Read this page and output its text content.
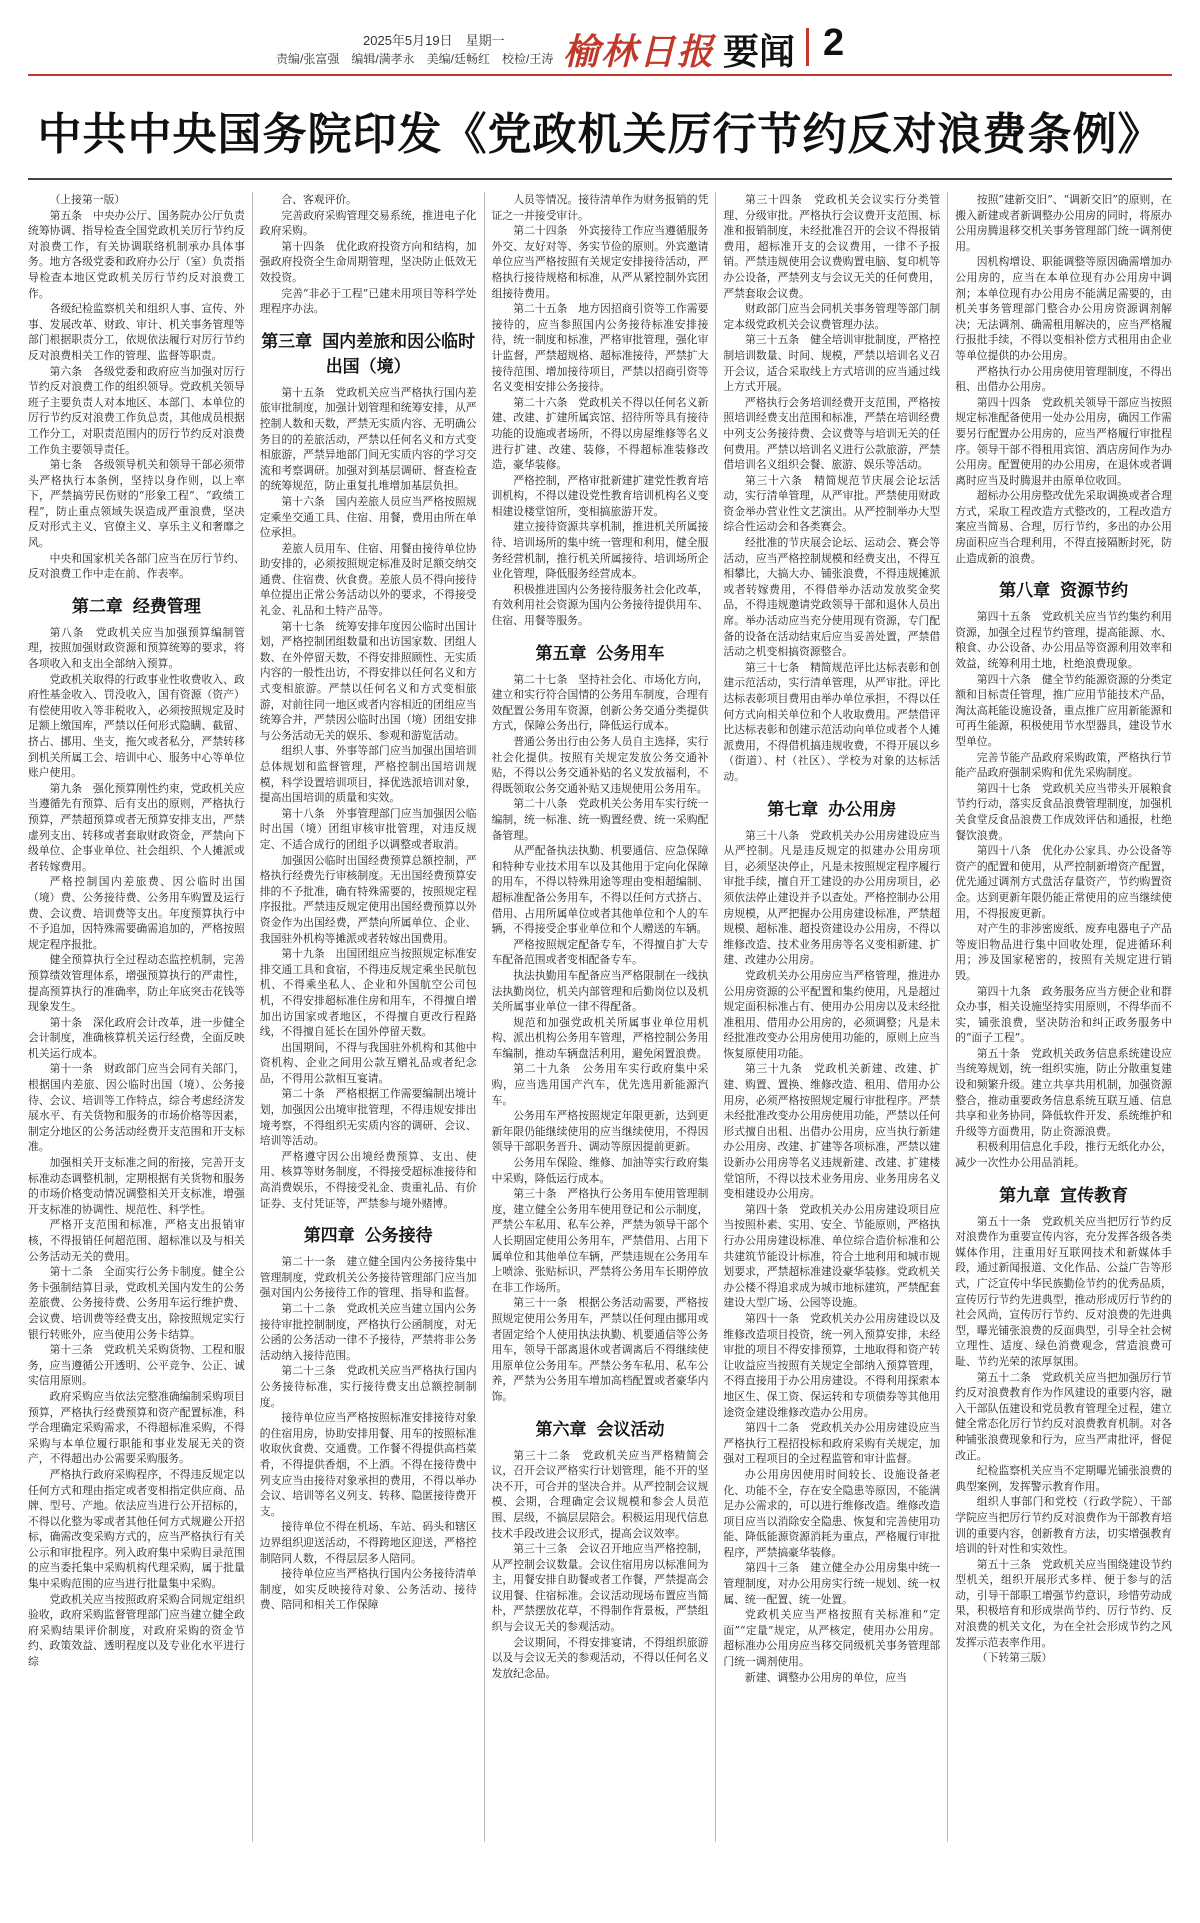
2025年5月19日　星期一
责编/张富强　编辑/满孝永　美编/廷畅红　校检/王涛 榆林日报 要闻 2
中共中央国务院印发《党政机关厉行节约反对浪费条例》

（上接第一版）

第五条　中央办公厅、国务院办公厅负责统筹协调、指导检查全国党政机关厉行节约反对浪费工作，有关协调联络机制承办具体事务。地方各级党委和政府办公厅（室）负责指导检查本地区党政机关厉行节约反对浪费工作。

各级纪检监察机关和组织人事、宣传、外事、发展改革、财政、审计、机关事务管理等部门根据职责分工，依规依法履行对厉行节约反对浪费相关工作的管理、监督等职责。

第六条　各级党委和政府应当加强对厉行节约反对浪费工作的组织领导。党政机关领导班子主要负责人对本地区、本部门、本单位的厉行节约反对浪费工作负总责，其他成员根据工作分工，对职责范围内的厉行节约反对浪费工作负主要领导责任。

第七条　各级领导机关和领导干部必须带头严格执行本条例，坚持以身作则，以上率下，严禁搞劳民伤财的“形象工程”、“政绩工程”，防止重点领域失误造成严重浪费，坚决反对形式主义、官僚主义、享乐主义和奢靡之风。

中央和国家机关各部门应当在厉行节约、反对浪费工作中走在前、作表率。

第二章 经费管理

第八条　党政机关应当加强预算编制管理，按照加强财政资源和预算统筹的要求，将各项收入和支出全部纳入预算。

党政机关取得的行政事业性收费收入、政府性基金收入、罚没收入，国有资源（资产）有偿使用收入等非税收入，必须按照规定及时足额上缴国库，严禁以任何形式隐瞒、截留、挤占、挪用、坐支，拖欠或者私分，严禁转移到机关所属工会、培训中心、服务中心等单位账户使用。

第九条　强化预算刚性约束，党政机关应当遵循先有预算、后有支出的原则，严格执行预算，严禁超预算或者无预算安排支出，严禁虚列支出、转移或者套取财政资金，严禁向下级单位、企事业单位、社会组织、个人摊派或者转嫁费用。

严格控制国内差旅费、因公临时出国（境）费、公务接待费、公务用车购置及运行费、会议费、培训费等支出。年度预算执行中不予追加，因特殊需要确需追加的，严格按照规定程序报批。

健全预算执行全过程动态监控机制，完善预算绩效管理体系，增强预算执行的严肃性，提高预算执行的准确率，防止年底突击花钱等现象发生。

第十条　深化政府会计改革，进一步健全会计制度，准确核算机关运行经费，全面反映机关运行成本。

第十一条　财政部门应当会同有关部门，根据国内差旅、因公临时出国（境）、公务接待、会议、培训等工作特点，综合考虑经济发展水平、有关货物和服务的市场价格等因素，制定分地区的公务活动经费开支范围和开支标准。

加强相关开支标准之间的衔接，完善开支标准动态调整机制，定期根据有关货物和服务的市场价格变动情况调整相关开支标准，增强开支标准的协调性、规范性、科学性。

严格开支范围和标准，严格支出报销审核，不得报销任何超范围、超标准以及与相关公务活动无关的费用。

第十二条　全面实行公务卡制度。健全公务卡强制结算目录，党政机关国内发生的公务差旅费、公务接待费、公务用车运行维护费、会议费、培训费等经费支出，除按照规定实行银行转账外，应当使用公务卡结算。

第十三条　党政机关采购货物、工程和服务，应当遵循公开透明、公平竞争、公正、诚实信用原则。

政府采购应当依法完整准确编制采购项目预算，严格执行经费预算和资产配置标准，科学合理确定采购需求，不得超标准采购，不得采购与本单位履行职能和事业发展无关的资产，不得超出办公需要采购服务。

严格执行政府采购程序，不得违反规定以任何方式和理由指定或者变相指定供应商、品牌、型号、产地。依法应当进行公开招标的，不得以化整为零或者其他任何方式规避公开招标，确需改变采购方式的，应当严格执行有关公示和审批程序。列入政府集中采购目录范围的应当委托集中采购机构代理采购，属于批量集中采购范围的应当进行批量集中采购。

党政机关应当按照政府采购合同规定组织验收，政府采购监督管理部门应当建立健全政府采购结果评价制度，对政府采购的资金节约、政策效益、透明程度以及专业化水平进行综

合、客观评价。

完善政府采购管理交易系统，推进电子化政府采购。

第十四条　优化政府投资方向和结构，加强政府投资全生命周期管理，坚决防止低效无效投资。

完善“非必于工程”已建未用项目等科学处理程序办法。

第三章 国内差旅和因公临时出国（境）

第十五条　党政机关应当严格执行国内差旅审批制度，加强计划管理和统筹安排，从严控制人数和天数，严禁无实质内容、无明确公务目的的差旅活动，严禁以任何名义和方式变相旅游，严禁异地部门间无实质内容的学习交流和考察调研。加强对到基层调研、督查检查的统筹规范，防止重复扎堆增加基层负担。

第十六条　国内差旅人员应当严格按照规定乘坐交通工具、住宿、用餐，费用由所在单位承担。

差旅人员用车、住宿、用餐由接待单位协助安排的，必须按照规定标准及时足额交纳交通费、住宿费、伙食费。差旅人员不得向接待单位提出正常公务活动以外的要求，不得接受礼金、礼品和土特产品等。

第十七条　统筹安排年度因公临时出国计划，严格控制团组数量和出访国家数、团组人数、在外停留天数，不得安排照顾性、无实质内容的一般性出访，不得安排以任何名义和方式变相旅游。严禁以任何名义和方式变相旅游，对前往同一地区或者内容相近的团组应当统筹合并，严禁因公临时出国（境）团组安排与公务活动无关的娱乐、参观和游览活动。

组织人事、外事等部门应当加强出国培训总体规划和监督管理，严格控制出国培训规模，科学设置培训项目，择优选派培训对象，提高出国培训的质量和实效。

第十八条　外事管理部门应当加强因公临时出国（境）团组审核审批管理，对违反规定、不适合成行的团组予以调整或者取消。

加强因公临时出国经费预算总额控制，严格执行经费先行审核制度。无出国经费预算安排的不予批准，确有特殊需要的，按照规定程序报批。严禁违反规定使用出国经费预算以外资金作为出国经费，严禁向所属单位、企业、我国驻外机构等摊派或者转嫁出国费用。

第十九条　出国团组应当按照规定标准安排交通工具和食宿，不得违反规定乘坐民航包机、不得乘坐私人、企业和外国航空公司包机，不得安排超标准住房和用车，不得擅自增加出访国家或者地区，不得擅自更改行程路线，不得擅自延长在国外停留天数。

出国期间，不得与我国驻外机构和其他中资机构、企业之间用公款互赠礼品或者纪念品，不得用公款相互宴请。

第二十条　严格根据工作需要编制出境计划，加强因公出境审批管理，不得违规安排出境考察，不得组织无实质内容的调研、会议、培训等活动。

严格遵守因公出境经费预算、支出、使用、核算等财务制度，不得接受超标准接待和高消费娱乐，不得接受礼金、贵重礼品、有价证券、支付凭证等，严禁参与境外赌博。

第四章 公务接待

第二十一条　建立健全国内公务接待集中管理制度，党政机关公务接待管理部门应当加强对国内公务接待工作的管理、指导和监督。

第二十二条　党政机关应当建立国内公务接待审批控制制度，严格执行公函制度，对无公函的公务活动一律不予接待，严禁将非公务活动纳入接待范围。

第二十三条　党政机关应当严格执行国内公务接待标准，实行接待费支出总额控制制度。

接待单位应当严格按照标准安排接待对象的住宿用房，协助安排用餐、用车的按照标准收取伙食费、交通费。工作餐不得提供高档菜肴，不得提供香烟，不上酒。不得在接待费中列支应当由接待对象承担的费用，不得以举办会议、培训等名义列支、转移、隐匿接待费开支。

接待单位不得在机场、车站、码头和辖区边界组织迎送活动，不得跨地区迎送，严格控制陪同人数，不得层层多人陪同。

接待单位应当严格执行国内公务接待清单制度，如实反映接待对象、公务活动、接待费、陪同和相关工作保障

人员等情况。接待清单作为财务报销的凭证之一并接受审计。

第二十四条　外宾接待工作应当遵循服务外交、友好对等、务实节俭的原则。外宾邀请单位应当严格按照有关规定安排接待活动，严格执行接待规格和标准，从严从紧控制外宾团组接待费用。

第二十五条　地方因招商引资等工作需要接待的，应当参照国内公务接待标准安排接待，统一制度和标准，严格审批管理，强化审计监督，严禁超规格、超标准接待，严禁扩大接待范围、增加接待项目，严禁以招商引资等名义变相安排公务接待。

第二十六条　党政机关不得以任何名义新建、改建、扩建所属宾馆、招待所等具有接待功能的设施或者场所，不得以房屋维修等名义进行扩建、改建、装修，不得超标准装修改造，豪华装修。

严格控制，严格审批新建扩建党性教育培训机构，不得以建设党性教育培训机构名义变相建设楼堂馆所，变相搞旅游开发。

建立接待资源共享机制，推进机关所属接待、培训场所的集中统一管理和利用，健全服务经营机制，推行机关所属接待、培训场所企业化管理，降低服务经营成本。

积极推进国内公务接待服务社会化改革，有效利用社会资源为国内公务接待提供用车、住宿、用餐等服务。

第五章 公务用车

第二十七条　坚持社会化、市场化方向，建立和实行符合国情的公务用车制度，合理有效配置公务用车资源，创新公务交通分类提供方式，保障公务出行，降低运行成本。

普通公务出行由公务人员自主选择，实行社会化提供。按照有关规定发放公务交通补贴，不得以公务交通补贴的名义发放福利，不得既领取公务交通补贴又违规使用公务用车。

第二十八条　党政机关公务用车实行统一编制，统一标准、统一购置经费、统一采购配备管理。

从严配备执法执勤、机要通信、应急保障和特种专业技术用车以及其他用于定向化保障的用车，不得以特殊用途等理由变相超编制、超标准配备公务用车，不得以任何方式挤占、借用、占用所属单位或者其他单位和个人的车辆，不得接受企事业单位和个人赠送的车辆。

严格按照规定配备专车，不得擅自扩大专车配备范围或者变相配备专车。

执法执勤用车配备应当严格限制在一线执法执勤岗位，机关内部管理和后勤岗位以及机关所属事业单位一律不得配备。

规范和加强党政机关所属事业单位用机构、派出机构公务用车管理，严格控制公务用车编制，推动车辆盘活利用，避免闲置浪费。

第二十九条　公务用车实行政府集中采购，应当选用国产汽车，优先选用新能源汽车。

公务用车严格按照规定年限更新，达到更新年限仍能继续使用的应当继续使用，不得因领导干部职务晋升、调动等原因提前更新。

公务用车保险、维修、加油等实行政府集中采购，降低运行成本。

第三十条　严格执行公务用车使用管理制度，建立健全公务用车使用登记和公示制度，严禁公车私用、私车公养，严禁为领导干部个人长期固定使用公务用车，严禁借用、占用下属单位和其他单位车辆，严禁违规在公务用车上喷涂、张贴标识，严禁将公务用车长期停放在非工作场所。

第三十一条　根据公务活动需要，严格按照规定使用公务用车，严禁以任何理由挪用或者固定给个人使用执法执勤、机要通信等公务用车，领导干部离退休或者调离后不得继续使用原单位公务用车。严禁公务车私用、私车公养，严禁为公务用车增加高档配置或者豪华内饰。

第六章 会议活动

第三十二条　党政机关应当严格精简会议，召开会议严格实行计划管理，能不开的坚决不开，可合并的坚决合并。从严控制会议规模、会期，合理确定会议规模和参会人员范围、层级，不搞层层陪会。积极运用现代信息技术手段改进会议形式，提高会议效率。

第三十三条　会议召开地应当严格控制，从严控制会议数量。会议住宿用房以标准间为主，用餐安排自助餐或者工作餐，严禁提高会议用餐、住宿标准。会议活动现场布置应当简朴，严禁摆放花草，不得制作背景板，严禁组织与会议无关的参观活动。

会议期间，不得安排宴请，不得组织旅游以及与会议无关的参观活动，不得以任何名义发放纪念品。

第三十四条　党政机关会议实行分类管理、分级审批。严格执行会议费开支范围、标准和报销制度，未经批准召开的会议不得报销费用，超标准开支的会议费用，一律不予报销。严禁违规使用会议费购置电脑、复印机等办公设备，严禁列支与会议无关的任何费用，严禁套取会议费。

财政部门应当会同机关事务管理等部门制定本级党政机关会议费管理办法。

第三十五条　健全培训审批制度，严格控制培训数量、时间、规模，严禁以培训名义召开会议，适合采取线上方式培训的应当通过线上方式开展。

严格执行会务培训经费开支范围，严格按照培训经费支出范围和标准，严禁在培训经费中列支公务接待费、会议费等与培训无关的任何费用。严禁以培训名义进行公款旅游，严禁借培训名义组织会餐、旅游、娱乐等活动。

第三十六条　精简规范节庆展会论坛活动，实行清单管理，从严审批。严禁使用财政资金举办营业性文艺演出。从严控制举办大型综合性运动会和各类赛会。

经批准的节庆展会论坛、运动会、赛会等活动，应当严格控制规模和经费支出，不得互相攀比，大搞大办、铺张浪费，不得违规摊派或者转嫁费用，不得借举办活动发放奖金奖品，不得违规邀请党政领导干部和退休人员出席。举办活动应当充分使用现有资源，专门配备的设备在活动结束后应当妥善处置，严禁借活动之机变相搞资源整合。

第三十七条　精简规范评比达标表彰和创建示范活动，实行清单管理，从严审批。评比达标表彰项目费用由举办单位承担，不得以任何方式向相关单位和个人收取费用。严禁借评比达标表彰和创建示范活动向单位或者个人摊派费用，不得借机搞违规收费，不得开展以乡（街道）、村（社区）、学校为对象的达标活动。

第七章 办公用房

第三十八条　党政机关办公用房建设应当从严控制。凡是违反规定的拟建办公用房项目，必须坚决停止，凡是未按照规定程序履行审批手续，擅自开工建设的办公用房项目，必须依法停止建设并予以查处。严格控制办公用房规模，从严把握办公用房建设标准，严禁超规模、超标准、超投资建设办公用房，不得以维修改造、技术业务用房等名义变相新建、扩建、改建办公用房。

党政机关办公用房应当严格管理，推进办公用房资源的公平配置和集约使用，凡是超过规定面积标准占有、使用办公用房以及未经批准租用、借用办公用房的，必须调整；凡是未经批准改变办公用房使用功能的，原则上应当恢复原使用功能。

第三十九条　党政机关新建、改建、扩建、购置、置换、维修改造、租用、借用办公用房，必须严格按照规定履行审批程序。严禁未经批准改变办公用房使用功能，严禁以任何形式擅自出租、出借办公用房，应当执行新建办公用房、改建、扩建等各项标准，严禁以建设新办公用房等名义违规新建、改建、扩建楼堂馆所，不得以技术业务用房、业务用房名义变相建设办公用房。

第四十条　党政机关办公用房建设项目应当按照朴素、实用、安全、节能原则，严格执行办公用房建设标准、单位综合造价标准和公共建筑节能设计标准，符合土地利用和城市规划要求，严禁超标准建设豪华装修。党政机关办公楼不得追求成为城市地标建筑，严禁配套建设大型广场、公园等设施。

第四十一条　党政机关办公用房建设以及维修改造项目投资，统一列入预算安排，未经审批的项目不得安排预算，土地取得和资产转让收益应当按照有关规定全部纳入预算管理，不得直接用于办公用房建设。不得利用探索本地区生、保工资、保运转和专项债券等其他用途资金建设维修改造办公用房。

第四十二条　党政机关办公用房建设应当严格执行工程招投标和政府采购有关规定，加强对工程项目的全过程监管和审计监督。

办公用房因使用时间较长、设施设备老化、功能不全，存在安全隐患等原因，不能满足办公需求的，可以进行维修改造。维修改造项目应当以消除安全隐患、恢复和完善使用功能、降低能源资源消耗为重点，严格履行审批程序，严禁搞豪华装修。

第四十三条　建立健全办公用房集中统一管理制度，对办公用房实行统一规划、统一权属、统一配置、统一处置。

党政机关应当严格按照有关标准和“定面”“定量”规定，从严核定，使用办公用房。超标准办公用房应当移交同级机关事务管理部门统一调剂使用。

新建、调整办公用房的单位，应当

按照“建新交旧”、“调新交旧”的原则，在搬入新建或者新调整办公用房的同时，将原办公用房腾退移交机关事务管理部门统一调剂使用。

因机构增设、职能调整等原因确需增加办公用房的，应当在本单位现有办公用房中调剂；本单位现有办公用房不能满足需要的，由机关事务管理部门整合办公用房资源调剂解决；无法调剂、确需租用解决的，应当严格履行报批手续，不得以变相补偿方式租用由企业等单位提供的办公用房。

严格执行办公用房使用管理制度，不得出租、出借办公用房。

第四十四条　党政机关领导干部应当按照规定标准配备使用一处办公用房，确因工作需要另行配置办公用房的，应当严格履行审批程序。领导干部不得租用宾馆、酒店房间作为办公用房。配置使用的办公用房，在退休或者调离时应当及时腾退并由原单位收回。

超标办公用房整改优先采取调换或者合理方式，采取工程改造方式整改的，工程改造方案应当简易、合理，厉行节约，多出的办公用房面积应当合理利用，不得直接隔断封死，防止造成新的浪费。

第八章 资源节约

第四十五条　党政机关应当节约集约利用资源，加强全过程节约管理，提高能源、水、粮食、办公设备、办公用品等资源利用效率和效益，统筹利用土地，杜绝浪费现象。

第四十六条　健全节约能源资源的分类定额和目标责任管理，推广应用节能技术产品，淘汰高耗能设施设备，重点推广应用新能源和可再生能源，积极使用节水型器具，建设节水型单位。

完善节能产品政府采购政策，严格执行节能产品政府强制采购和优先采购制度。

第四十七条　党政机关应当带头开展粮食节约行动，落实反食品浪费管理制度，加强机关食堂反食品浪费工作成效评估和通报，杜绝餐饮浪费。

第四十八条　优化办公家具、办公设备等资产的配置和使用，从严控制新增资产配置，优先通过调剂方式盘活存量资产，节约购置资金。达到更新年限仍能正常使用的应当继续使用，不得报废更新。

对产生的非涉密废纸、废弃电器电子产品等废旧物品进行集中回收处理，促进循环利用；涉及国家秘密的，按照有关规定进行销毁。

第四十九条　政务服务应当方便企业和群众办事，相关设施坚持实用原则，不得华而不实，铺张浪费，坚决防治和纠正政务服务中的“面子工程”。

第五十条　党政机关政务信息系统建设应当统筹规划，统一组织实施，防止分散重复建设和频繁升级。建立共享共用机制，加强资源整合，推动重要政务信息系统互联互通、信息共享和业务协同，降低软件开发、系统维护和升级等方面费用，防止资源浪费。

积极利用信息化手段，推行无纸化办公，减少一次性办公用品消耗。

第九章 宣传教育

第五十一条　党政机关应当把厉行节约反对浪费作为重要宣传内容，充分发挥各级各类媒体作用，注重用好互联网技术和新媒体手段，通过新闻报道、文化作品、公益广告等形式，广泛宣传中华民族勤俭节约的优秀品质，宣传厉行节约先进典型，推动形成厉行节约的社会风尚，宣传厉行节约、反对浪费的先进典型，曝光铺张浪费的反面典型，引导全社会树立理性、适度、绿色消费观念，营造浪费可耻、节约光荣的浓厚氛围。

第五十二条　党政机关应当把加强厉行节约反对浪费教育作为作风建设的重要内容，融入干部队伍建设和党员教育管理全过程，建立健全常态化厉行节约反对浪费教育机制。对各种铺张浪费现象和行为，应当严肃批评，督促改正。

纪检监察机关应当不定期曝光铺张浪费的典型案例，发挥警示教育作用。

组织人事部门和党校（行政学院）、干部学院应当把厉行节约反对浪费作为干部教育培训的重要内容，创新教育方法，切实增强教育培训的针对性和实效性。

第五十三条　党政机关应当围绕建设节约型机关，组织开展形式多样、便于参与的活动，引导干部职工增强节约意识，珍惜劳动成果，积极培育和形成崇尚节约、厉行节约、反对浪费的机关文化，为在全社会形成节约之风发挥示范表率作用。

（下转第三版）
